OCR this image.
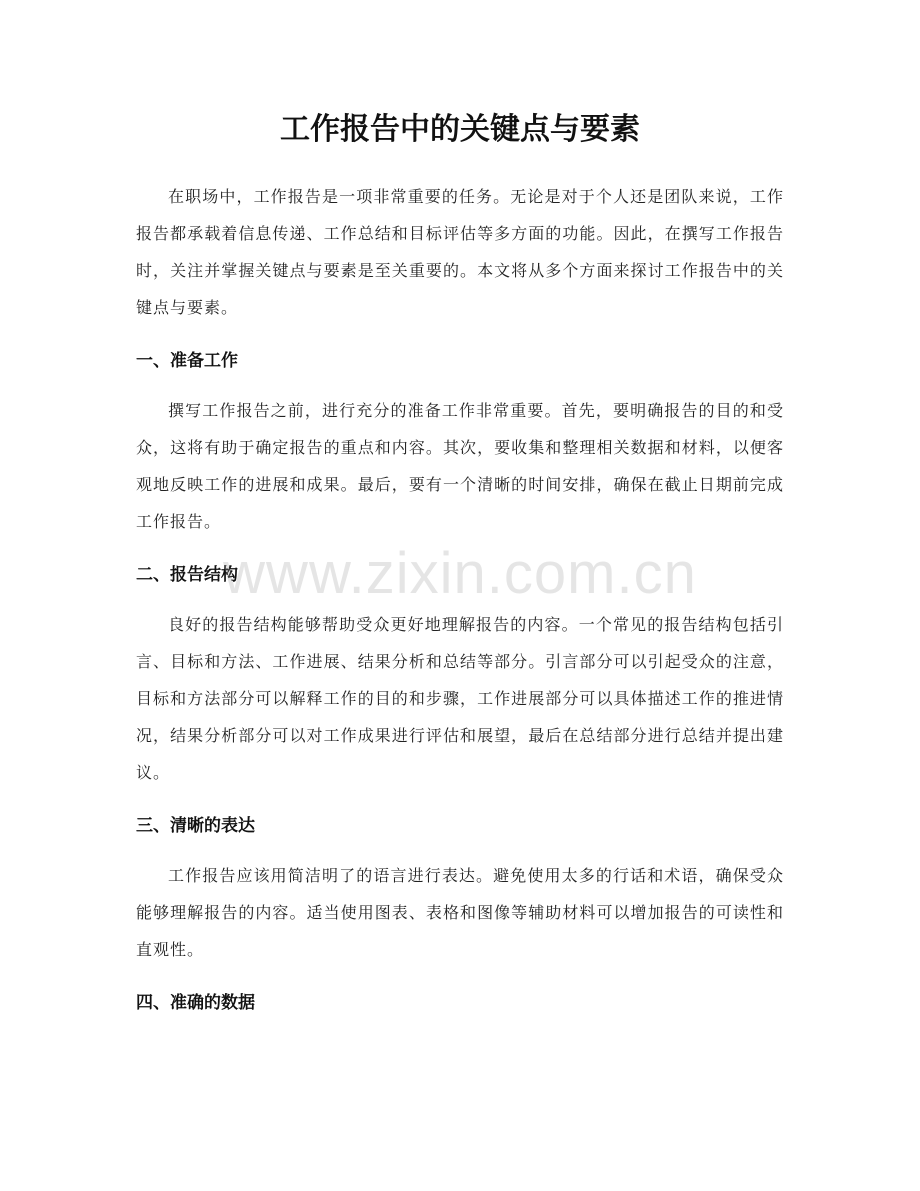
工作报告中的关键点与要素

在职场中，工作报告是一项非常重要的任务。无论是对于个人还是团队来说，工作报告都承载着信息传递、工作总结和目标评估等多方面的功能。因此，在撰写工作报告时，关注并掌握关键点与要素是至关重要的。本文将从多个方面来探讨工作报告中的关键点与要素。

一、准备工作

撰写工作报告之前，进行充分的准备工作非常重要。首先，要明确报告的目的和受众，这将有助于确定报告的重点和内容。其次，要收集和整理相关数据和材料，以便客观地反映工作的进展和成果。最后，要有一个清晰的时间安排，确保在截止日期前完成工作报告。

二、报告结构

良好的报告结构能够帮助受众更好地理解报告的内容。一个常见的报告结构包括引言、目标和方法、工作进展、结果分析和总结等部分。引言部分可以引起受众的注意，目标和方法部分可以解释工作的目的和步骤，工作进展部分可以具体描述工作的推进情况，结果分析部分可以对工作成果进行评估和展望，最后在总结部分进行总结并提出建议。

三、清晰的表达

工作报告应该用简洁明了的语言进行表达。避免使用太多的行话和术语，确保受众能够理解报告的内容。适当使用图表、表格和图像等辅助材料可以增加报告的可读性和直观性。

四、准确的数据
www.zixin.com.cn
